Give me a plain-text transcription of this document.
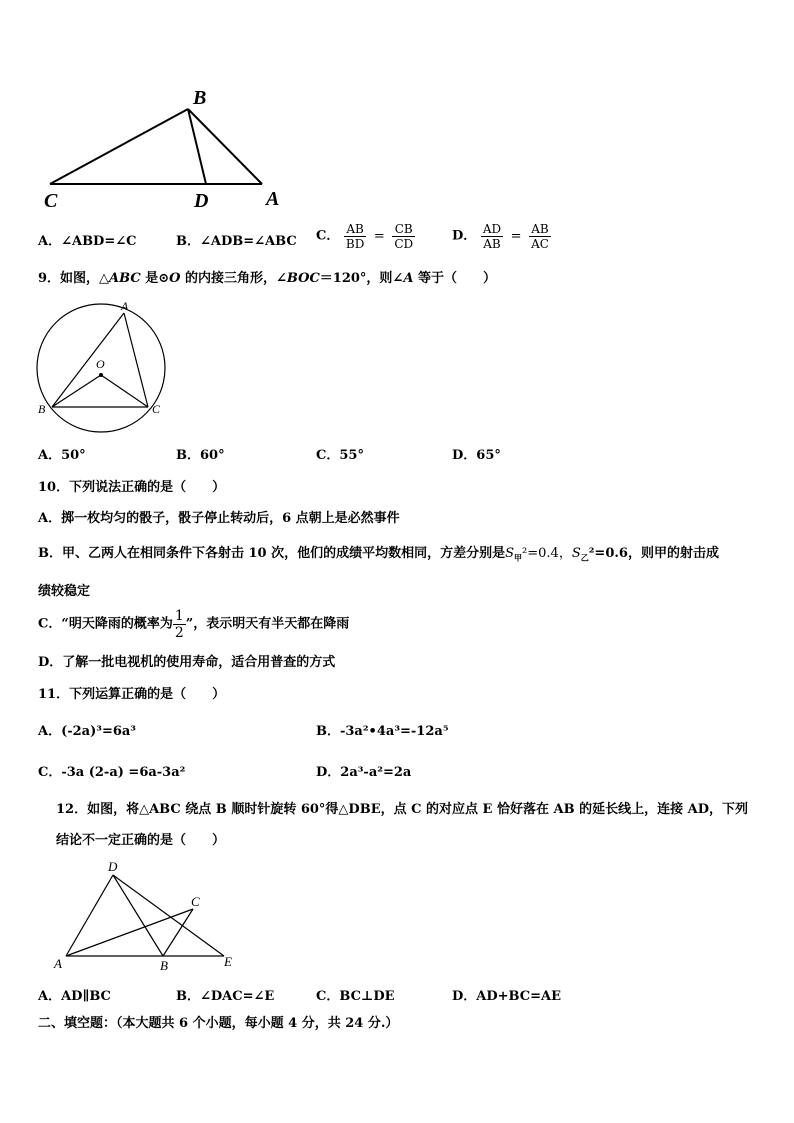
B
C	D	A
A．∠ABD=∠C	B．∠ADB=∠ABC C． $\frac{AB}{BD} = \frac{CB}{CD}$	D． $\frac{AD}{AB} = \frac{AB}{AC}$
9．如图，△ABC 是⊙O 的内接三角形，∠BOC＝120°，则∠A 等于（　　）
A
O
B	C
A．50°	B．60°	C．55°	D．65°
10．下列说法正确的是（　　）
A．掷一枚均匀的骰子，骰子停止转动后，6 点朝上是必然事件
B．甲、乙两人在相同条件下各射击 10 次，他们的成绩平均数相同，方差分别是$S_甲^2=0.4$，$S_乙^2=0.6$，则甲的射击成
绩较稳定
C．“明天降雨的概率为 $\frac{1}{2}$ ”，表示明天有半天都在降雨
D．了解一批电视机的使用寿命，适合用普查的方式
11．下列运算正确的是（　　）
A．(-2a)³=6a³	B．-3a²•4a³=-12a⁵
C．-3a (2-a) =6a-3a²	D．2a³-a²=2a
12．如图，将△ABC 绕点 B 顺时针旋转 60°得△DBE，点 C 的对应点 E 恰好落在 AB 的延长线上，连接 AD，下列
结论不一定正确的是（　　）
D
C
A	B	E
A．AD∥BC	B．∠DAC=∠E	C．BC⊥DE	D．AD+BC=AE
二、填空题：（本大题共 6 个小题，每小题 4 分，共 24 分.）
